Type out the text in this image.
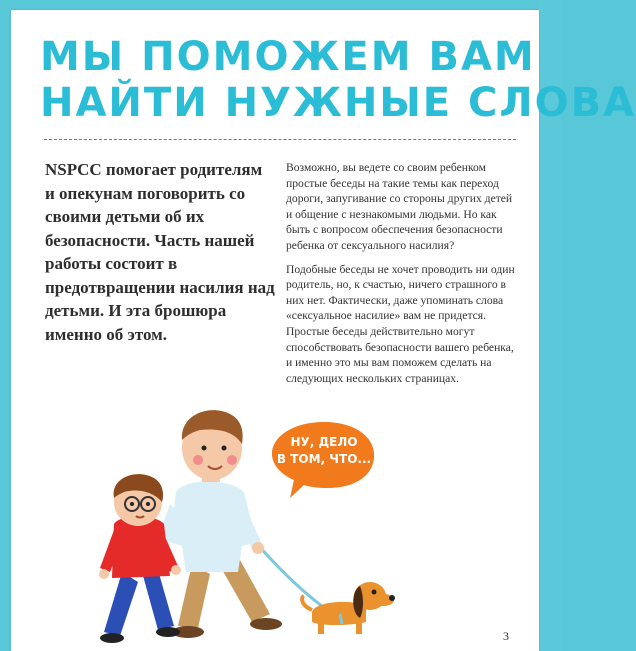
МЫ ПОМОЖЕМ ВАМ
НАЙТИ НУЖНЫЕ СЛОВА

NSPCC помогает родителям и опекунам поговорить со своими детьми об их безопасности. Часть нашей работы состоит в предотвращении насилия над детьми. И эта брошюра именно об этом.

Возможно, вы ведете со своим ребенком простые беседы на такие темы как переход дороги, запугивание со стороны других детей и общение с незнакомыми людьми. Но как быть с вопросом обеспечения безопасности ребенка от сексуального насилия?

Подобные беседы не хочет проводить ни один родитель, но, к счастью, ничего страшного в них нет. Фактически, даже упоминать слова «сексуальное насилие» вам не придется. Простые беседы действительно могут способствовать безопасности вашего ребенка, и именно это мы вам поможем сделать на следующих нескольких страницах.

НУ, ДЕЛО
В ТОМ, ЧТО...
3
